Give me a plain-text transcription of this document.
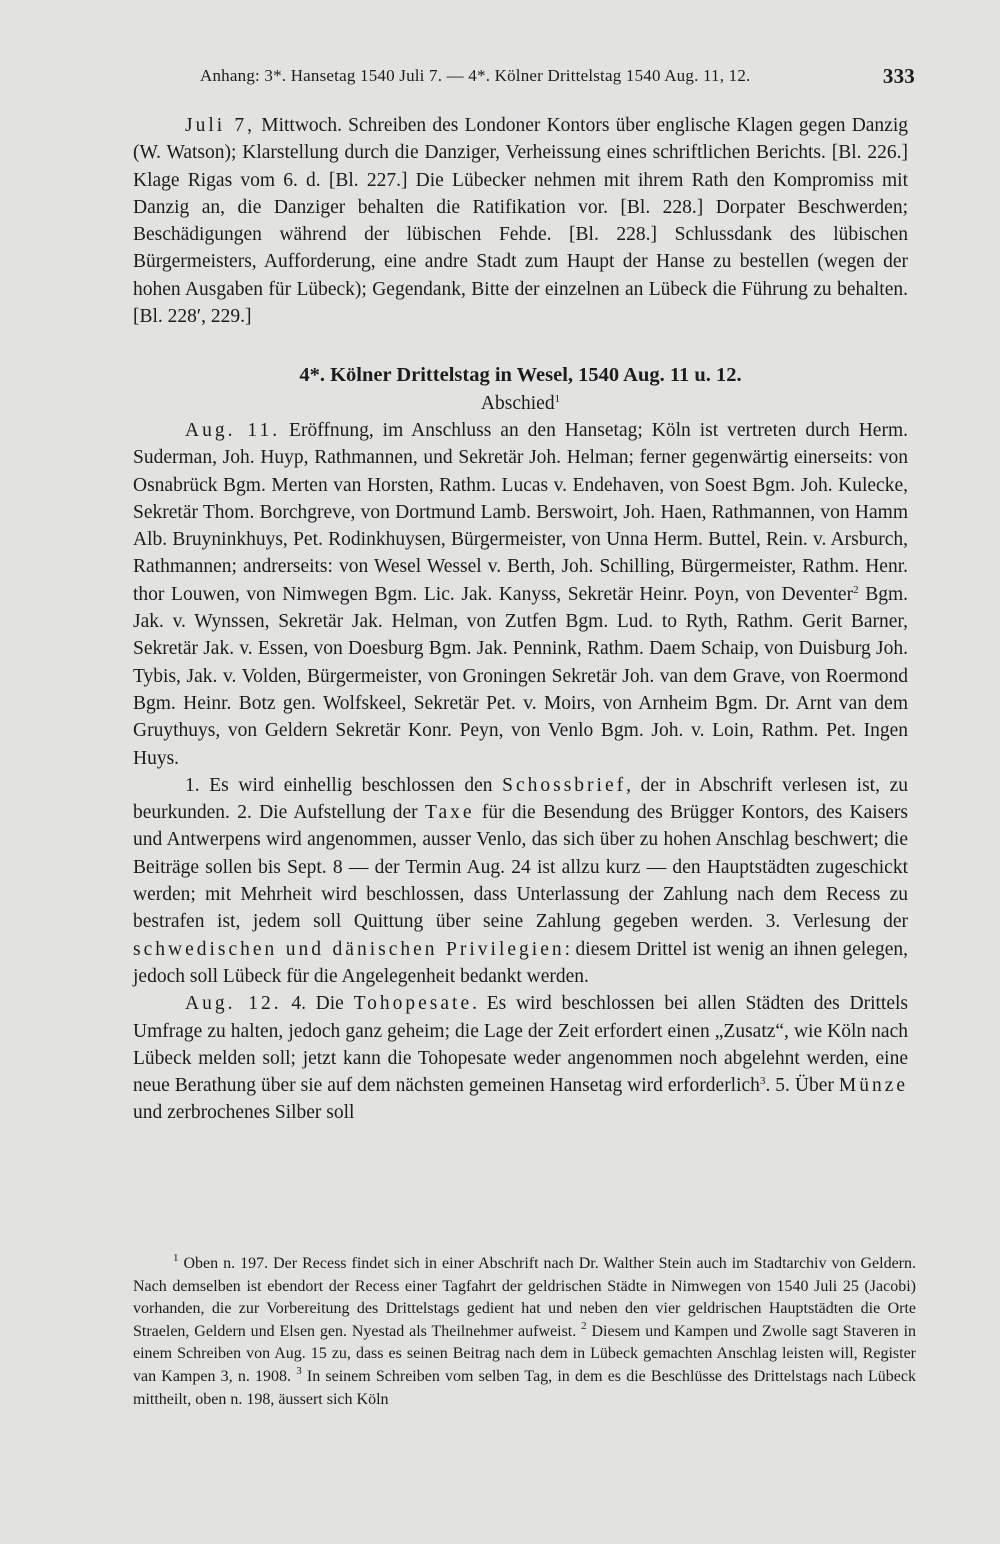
Anhang: 3*. Hansetag 1540 Juli 7. — 4*. Kölner Drittelstag 1540 Aug. 11, 12.	333

Juli 7, Mittwoch. Schreiben des Londoner Kontors über englische Klagen gegen Danzig (W. Watson); Klarstellung durch die Danziger, Verheissung eines schriftlichen Berichts. [Bl. 226.] Klage Rigas vom 6. d. [Bl. 227.] Die Lübecker nehmen mit ihrem Rath den Kompromiss mit Danzig an, die Danziger behalten die Ratifikation vor. [Bl. 228.] Dorpater Beschwerden; Beschädigungen während der lübischen Fehde. [Bl. 228.] Schlussdank des lübischen Bürgermeisters, Aufforderung, eine andre Stadt zum Haupt der Hanse zu bestellen (wegen der hohen Ausgaben für Lübeck); Gegendank, Bitte der einzelnen an Lübeck die Führung zu behalten. [Bl. 228′, 229.]

4*. Kölner Drittelstag in Wesel, 1540 Aug. 11 u. 12.

Abschied$^1$

Aug. 11. Eröffnung, im Anschluss an den Hansetag; Köln ist vertreten durch Herm. Suderman, Joh. Huyp, Rathmannen, und Sekretär Joh. Helman; ferner gegenwärtig einerseits: von Osnabrück Bgm. Merten van Horsten, Rathm. Lucas v. Endehaven, von Soest Bgm. Joh. Kulecke, Sekretär Thom. Borchgreve, von Dortmund Lamb. Berswoirt, Joh. Haen, Rathmannen, von Hamm Alb. Bruyninkhuys, Pet. Rodinkhuysen, Bürgermeister, von Unna Herm. Buttel, Rein. v. Arsburch, Rathmannen; andrerseits: von Wesel Wessel v. Berth, Joh. Schilling, Bürgermeister, Rathm. Henr. thor Louwen, von Nimwegen Bgm. Lic. Jak. Kanyss, Sekretär Heinr. Poyn, von Deventer$^2$ Bgm. Jak. v. Wynssen, Sekretär Jak. Helman, von Zutfen Bgm. Lud. to Ryth, Rathm. Gerit Barner, Sekretär Jak. v. Essen, von Doesburg Bgm. Jak. Pennink, Rathm. Daem Schaip, von Duisburg Joh. Tybis, Jak. v. Volden, Bürgermeister, von Groningen Sekretär Joh. van dem Grave, von Roermond Bgm. Heinr. Botz gen. Wolfskeel, Sekretär Pet. v. Moirs, von Arnheim Bgm. Dr. Arnt van dem Gruythuys, von Geldern Sekretär Konr. Peyn, von Venlo Bgm. Joh. v. Loin, Rathm. Pet. Ingen Huys.

1. Es wird einhellig beschlossen den Schossbrief, der in Abschrift verlesen ist, zu beurkunden. 2. Die Aufstellung der Taxe für die Besendung des Brügger Kontors, des Kaisers und Antwerpens wird angenommen, ausser Venlo, das sich über zu hohen Anschlag beschwert; die Beiträge sollen bis Sept. 8 — der Termin Aug. 24 ist allzu kurz — den Hauptstädten zugeschickt werden; mit Mehrheit wird beschlossen, dass Unterlassung der Zahlung nach dem Recess zu bestrafen ist, jedem soll Quittung über seine Zahlung gegeben werden. 3. Verlesung der schwedischen und dänischen Privilegien: diesem Drittel ist wenig an ihnen gelegen, jedoch soll Lübeck für die Angelegenheit bedankt werden.

Aug. 12. 4. Die Tohopesate. Es wird beschlossen bei allen Städten des Drittels Umfrage zu halten, jedoch ganz geheim; die Lage der Zeit erfordert einen „Zusatz“, wie Köln nach Lübeck melden soll; jetzt kann die Tohopesate weder angenommen noch abgelehnt werden, eine neue Berathung über sie auf dem nächsten gemeinen Hansetag wird erforderlich$^3$. 5. Über Münze und zerbrochenes Silber soll

$^1$ Oben n. 197. Der Recess findet sich in einer Abschrift nach Dr. Walther Stein auch im Stadtarchiv von Geldern. Nach demselben ist ebendort der Recess einer Tagfahrt der geldrischen Städte in Nimwegen von 1540 Juli 25 (Jacobi) vorhanden, die zur Vorbereitung des Drittelstags gedient hat und neben den vier geldrischen Hauptstädten die Orte Straelen, Geldern und Elsen gen. Nyestad als Theilnehmer aufweist. $^2$ Diesem und Kampen und Zwolle sagt Staveren in einem Schreiben von Aug. 15 zu, dass es seinen Beitrag nach dem in Lübeck gemachten Anschlag leisten will, Register van Kampen 3, n. 1908. $^3$ In seinem Schreiben vom selben Tag, in dem es die Beschlüsse des Drittelstags nach Lübeck mittheilt, oben n. 198, äussert sich Köln
